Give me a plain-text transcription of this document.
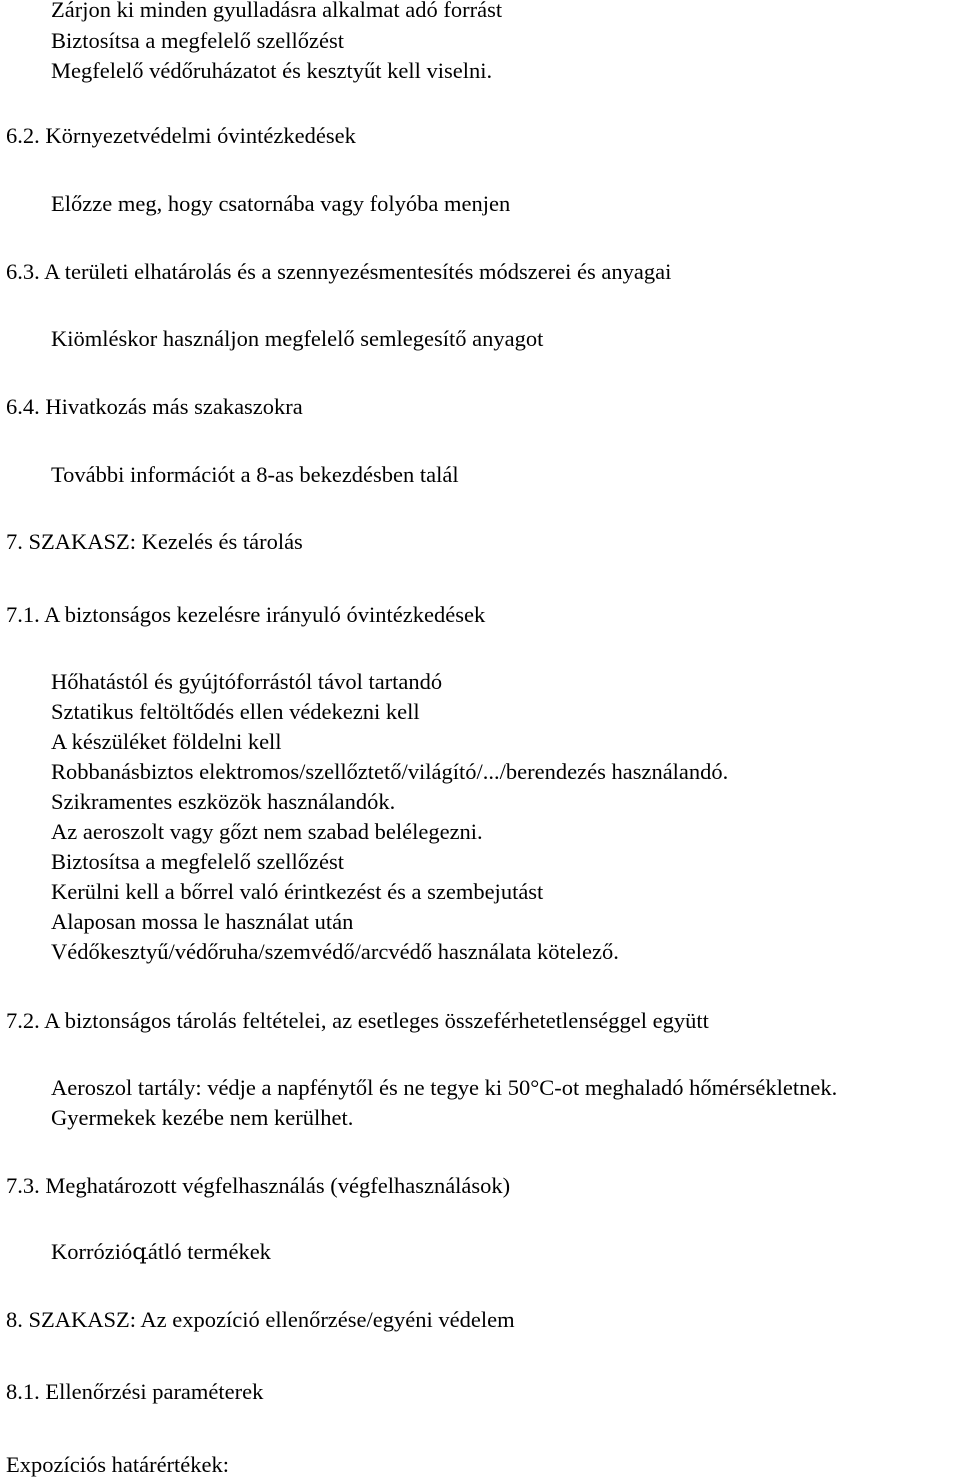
Zárjon ki minden gyulladásra alkalmat adó forrást

Biztosítsa a megfelelő szellőzést

Megfelelő védőruházatot és kesztyűt kell viselni.

6.2. Környezetvédelmi óvintézkedések

Előzze meg, hogy csatornába vagy folyóba menjen

6.3. A területi elhatárolás és a szennyezésmentesítés módszerei és anyagai

Kiömléskor használjon megfelelő semlegesítő anyagot

6.4. Hivatkozás más szakaszokra

További információt a 8-as bekezdésben talál

7. SZAKASZ: Kezelés és tárolás

7.1. A biztonságos kezelésre irányuló óvintézkedések

Hőhatástól és gyújtóforrástól távol tartandó

Sztatikus feltöltődés ellen védekezni kell

A készüléket földelni kell

Robbanásbiztos elektromos/szellőztető/világító/.../berendezés használandó.

Szikramentes eszközök használandók.

Az aeroszolt vagy gőzt nem szabad belélegezni.

Biztosítsa a megfelelő szellőzést

Kerülni kell a bőrrel való érintkezést és a szembejutást

Alaposan mossa le használat után

Védőkesztyű/védőruha/szemvédő/arcvédő használata kötelező.

7.2. A biztonságos tárolás feltételei, az esetleges összeférhetetlenséggel együtt

Aeroszol tartály: védje a napfénytől és ne tegye ki 50°C-ot meghaladó hőmérsékletnek.

Gyermekek kezébe nem kerülhet.

7.3. Meghatározott végfelhasználás (végfelhasználások)

Korrózióգátló termékek

8. SZAKASZ: Az expozíció ellenőrzése/egyéni védelem

8.1. Ellenőrzési paraméterek

Expozíciós határértékek:
